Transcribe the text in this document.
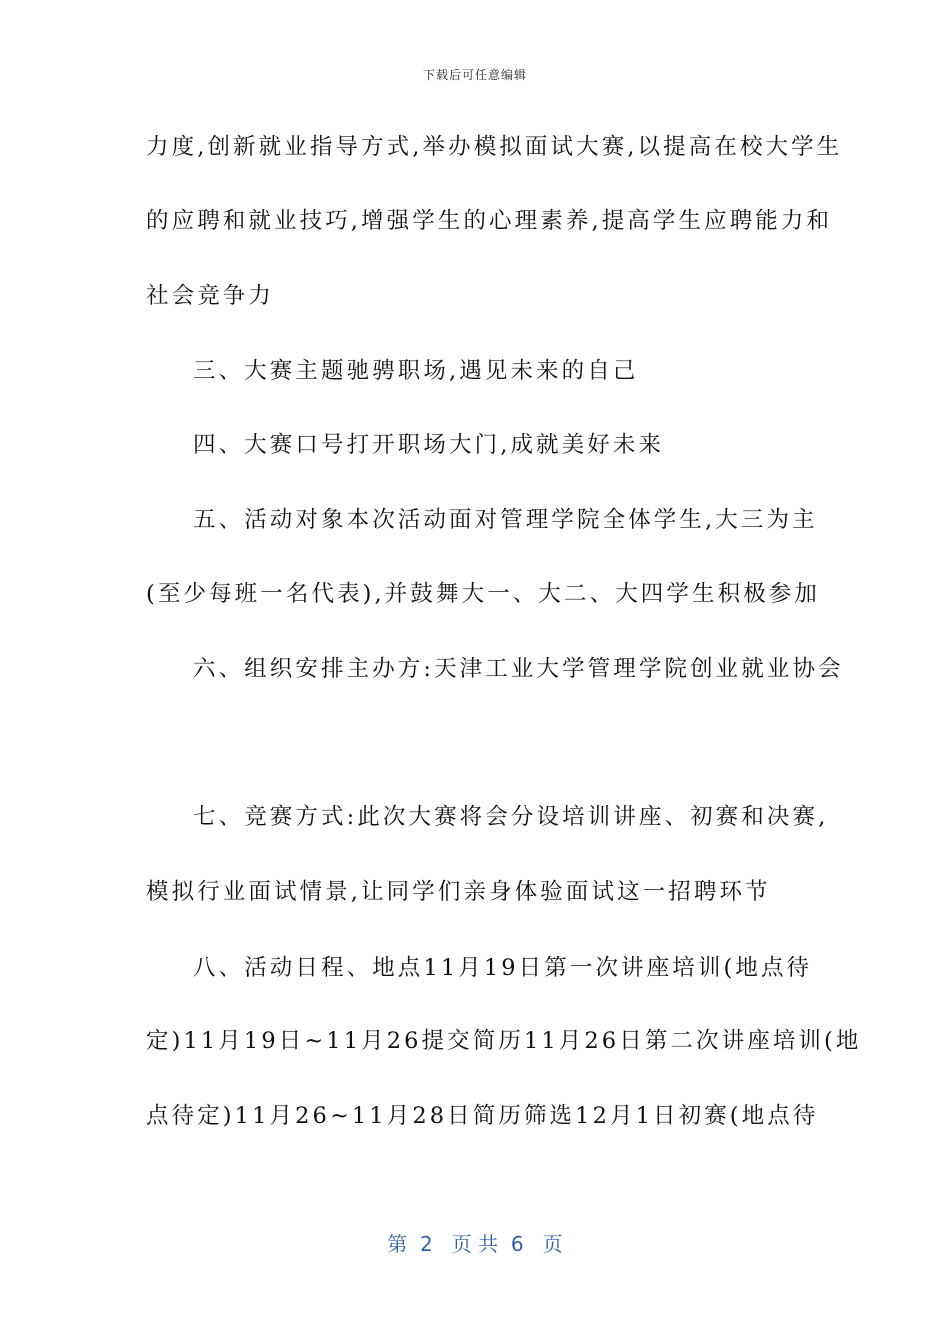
下载后可任意编辑
力度,创新就业指导方式,举办模拟面试大赛,以提高在校大学生
的应聘和就业技巧,增强学生的心理素养,提高学生应聘能力和
社会竞争力
三、大赛主题驰骋职场,遇见未来的自己
四、大赛口号打开职场大门,成就美好未来
五、活动对象本次活动面对管理学院全体学生,大三为主
(至少每班一名代表),并鼓舞大一、大二、大四学生积极参加
六、组织安排主办方:天津工业大学管理学院创业就业协会
七、竞赛方式:此次大赛将会分设培训讲座、初赛和决赛,
模拟行业面试情景,让同学们亲身体验面试这一招聘环节
八、活动日程、地点11月19日第一次讲座培训(地点待
定)11月19日~11月26提交简历11月26日第二次讲座培训(地
点待定)11月26~11月28日简历筛选12月1日初赛(地点待
第  2   页 共  6   页
